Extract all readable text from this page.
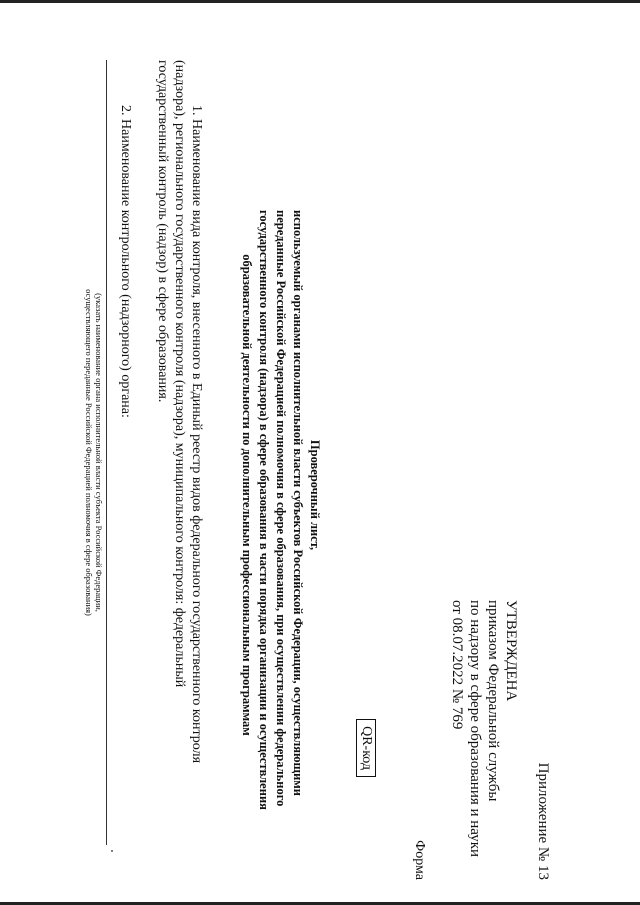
Приложение № 13
УТВЕРЖДЕНА
приказом Федеральной службы
по надзору в сфере образования и науки
от 08.07.2022 № 769
Форма
QR-код
Проверочный лист,
используемый органами исполнительной власти субъектов Российской Федерации, осуществляющими
переданные Российской Федерацией полномочия в сфере образования, при осуществлении федерального
государственного контроля (надзора) в сфере образования в части порядка организации и осуществления
образовательной деятельности по дополнительным профессиональным программам
1. Наименование вида контроля, внесенного в Единый реестр видов федерального государственного контроля
(надзора), регионального государственного контроля (надзора), муниципального контроля: федеральный
государственный контроль (надзор) в сфере образования.
2. Наименование контрольного (надзорного) органа:
(указать наименование органа исполнительной власти субъекта Российской Федерации,
осуществляющего переданные Российской Федерацией полномочия в сфере образования)
